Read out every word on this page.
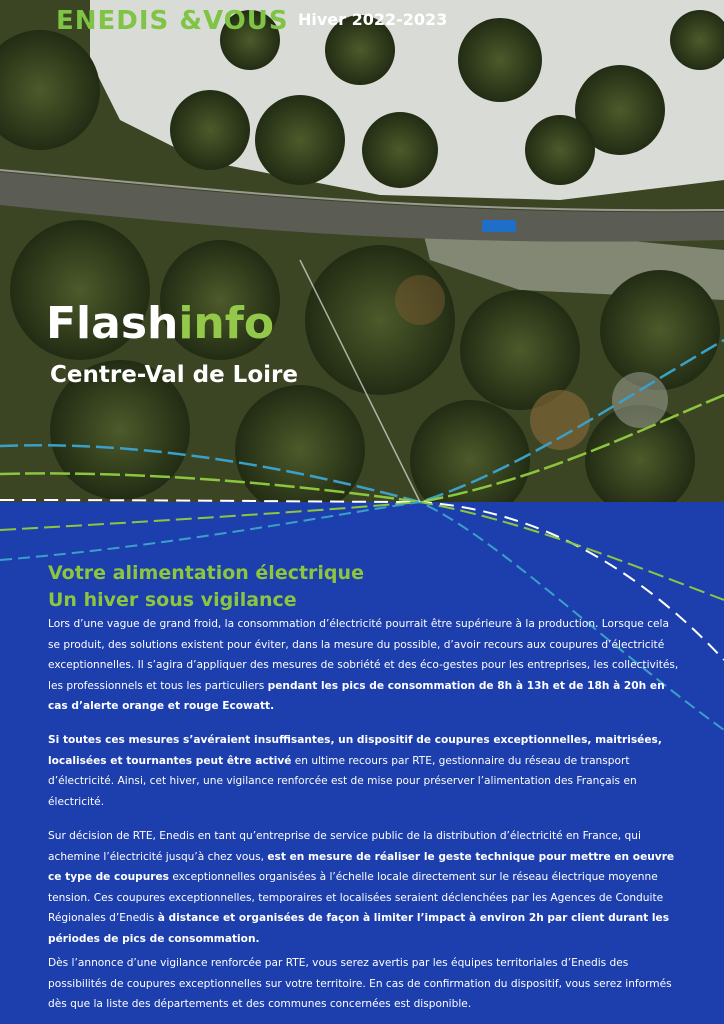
ENEDIS &VOUS Hiver 2022-2023
Flashinfo
Centre-Val de Loire
Votre alimentation électrique
Un hiver sous vigilance
Lors d’une vague de grand froid, la consommation d’électricité pourrait être supérieure à la production. Lorsque cela se produit, des solutions existent pour éviter, dans la mesure du possible, d’avoir recours aux coupures d’électricité exceptionnelles. Il s’agira d’appliquer des mesures de sobriété et des éco-gestes pour les entreprises, les collectivités, les professionnels et tous les particuliers pendant les pics de consommation de 8h à 13h et de 18h à 20h en cas d’alerte orange et rouge Ecowatt.
Si toutes ces mesures s’avéraient insuffisantes, un dispositif de coupures exceptionnelles, maitrisées, localisées et tournantes peut être activé en ultime recours par RTE, gestionnaire du réseau de transport d’électricité. Ainsi, cet hiver, une vigilance renforcée est de mise pour préserver l’alimentation des Français en électricité.
Sur décision de RTE, Enedis en tant qu’entreprise de service public de la distribution d’électricité en France, qui achemine l’électricité jusqu’à chez vous, est en mesure de réaliser le geste technique pour mettre en oeuvre ce type de coupures exceptionnelles organisées à l’échelle locale directement sur le réseau électrique moyenne tension. Ces coupures exceptionnelles, temporaires et localisées seraient déclenchées par les Agences de Conduite Régionales d’Enedis à distance et organisées de façon à limiter l’impact à environ 2h par client durant les périodes de pics de consommation.
Dès l’annonce d’une vigilance renforcée par RTE, vous serez avertis par les équipes territoriales d’Enedis des possibilités de coupures exceptionnelles sur votre territoire. En cas de confirmation du dispositif, vous serez informés dès que la liste des départements et des communes concernées est disponible.
